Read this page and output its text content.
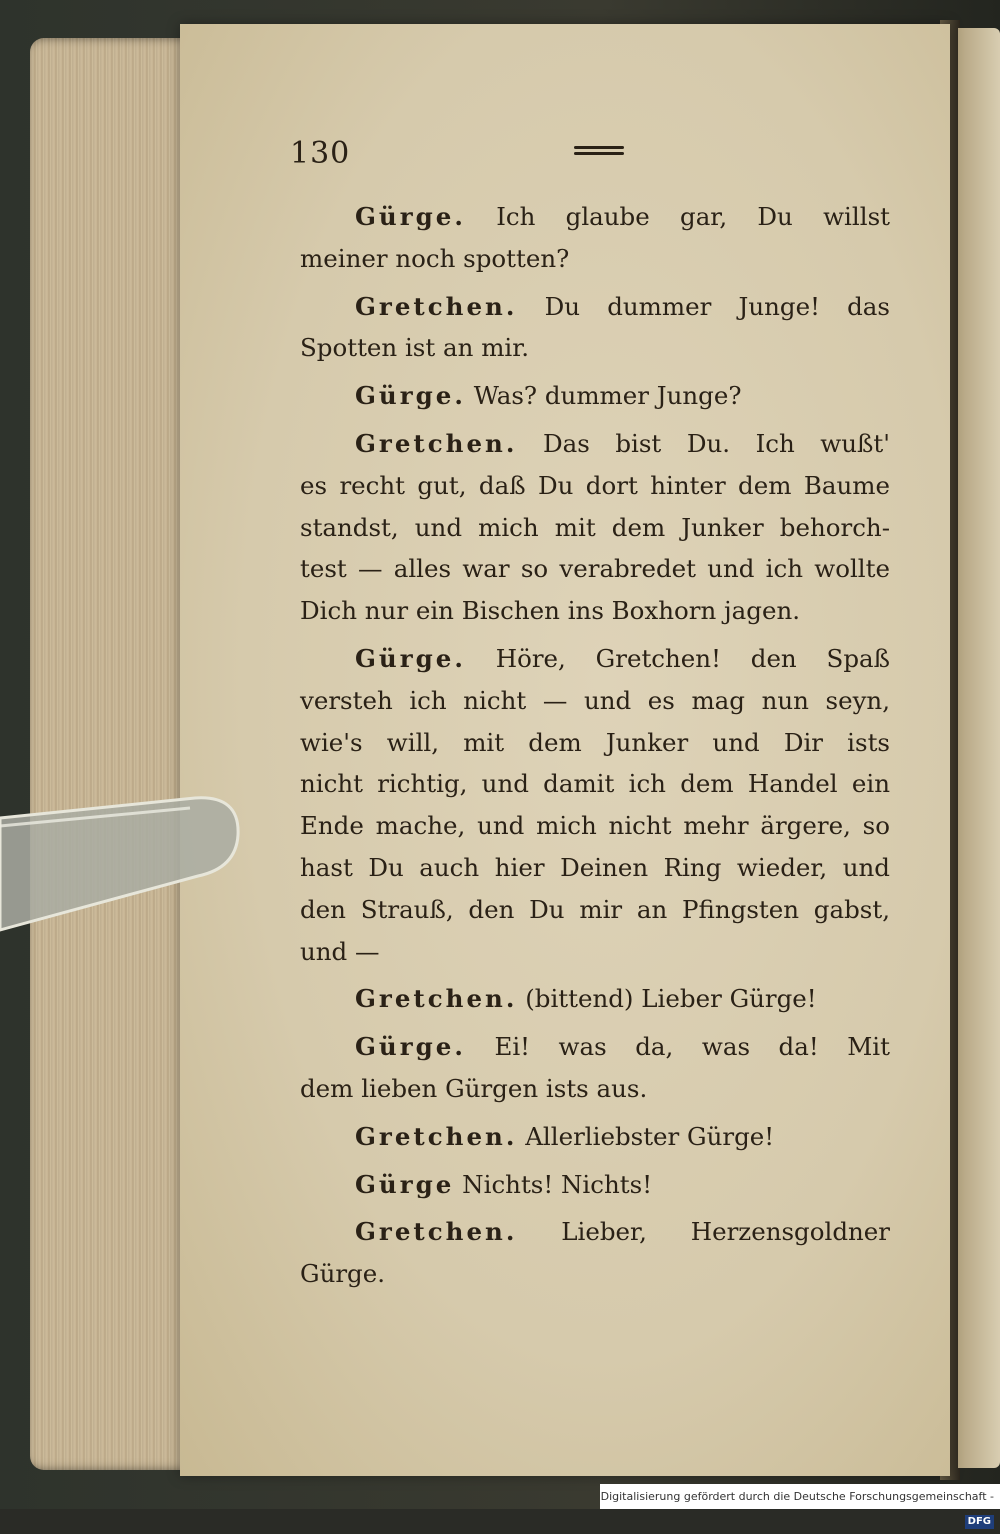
130
Gürge. Ich glaube gar, Du willst
meiner noch spotten?
Gretchen. Du dummer Junge! das
Spotten ist an mir.
Gürge. Was? dummer Junge?
Gretchen. Das bist Du. Ich wußt'
es recht gut, daß Du dort hinter dem Baume
standst, und mich mit dem Junker behorch-
test — alles war so verabredet und ich wollte
Dich nur ein Bischen ins Boxhorn jagen.
Gürge. Höre, Gretchen! den Spaß
versteh ich nicht — und es mag nun seyn,
wie's will, mit dem Junker und Dir ists
nicht richtig, und damit ich dem Handel ein
Ende mache, und mich nicht mehr ärgere, so
hast Du auch hier Deinen Ring wieder, und
den Strauß, den Du mir an Pfingsten gabst,
und —
Gretchen. (bittend) Lieber Gürge!
Gürge. Ei! was da, was da! Mit
dem lieben Gürgen ists aus.
Gretchen. Allerliebster Gürge!
Gürge Nichts! Nichts!
Gretchen. Lieber, Herzensgoldner
Gürge.
Digitalisierung gefördert durch die Deutsche Forschungsgemeinschaft -DFG
